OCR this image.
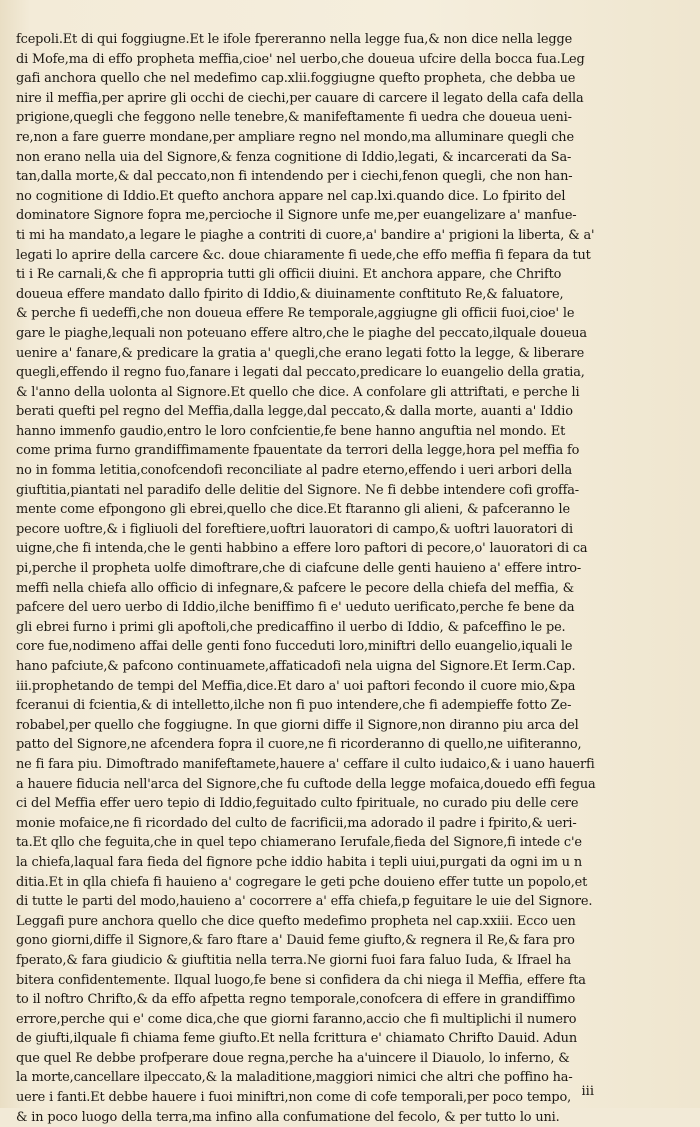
fcepoli.Et di qui foggiugne.Et le ifole fpereranno nella legge fua,& non dice nella legge
di Mofe,ma di effo propheta meffia,cioe' nel uerbo,che doueua ufcire della bocca fua.Leg
gafi anchora quello che nel medefimo cap.xlii.foggiugne quefto propheta, che debba ue
nire il meffia,per aprire gli occhi de ciechi,per cauare di carcere il legato della cafa della
prigione,quegli che feggono nelle tenebre,& manifeftamente fi uedra che doueua ueni-
re,non a fare guerre mondane,per ampliare regno nel mondo,ma alluminare quegli che
non erano nella uia del Signore,& fenza cognitione di Iddio,legati, & incarcerati da Sa-
tan,dalla morte,& dal peccato,non fi intendendo per i ciechi,fenon quegli, che non han-
no cognitione di Iddio.Et quefto anchora appare nel cap.lxi.quando dice. Lo fpirito del
dominatore Signore fopra me,percioche il Signore unfe me,per euangelizare a' manfue-
ti mi ha mandato,a legare le piaghe a contriti di cuore,a' bandire a' prigioni la liberta, & a'
legati lo aprire della carcere &c. doue chiaramente fi uede,che effo meffia fi fepara da tut
ti i Re carnali,& che fi appropria tutti gli officii diuini. Et anchora appare, che Chrifto
doueua effere mandato dallo fpirito di Iddio,& diuinamente conftituto Re,& faluatore,
& perche fi uedeffi,che non doueua effere Re temporale,aggiugne gli officii fuoi,cioe' le
gare le piaghe,lequali non poteuano effere altro,che le piaghe del peccato,ilquale doueua
uenire a' fanare,& predicare la gratia a' quegli,che erano legati fotto la legge, & liberare
quegli,effendo il regno fuo,fanare i legati dal peccato,predicare lo euangelio della gratia,
& l'anno della uolonta al Signore.Et quello che dice. A confolare gli attriftati, e perche li
berati quefti pel regno del Meffia,dalla legge,dal peccato,& dalla morte, auanti a' Iddio
hanno immenfo gaudio,entro le loro confcientie,fe bene hanno anguftia nel mondo. Et
come prima furno grandiffimamente fpauentate da terrori della legge,hora pel meffia fo
no in fomma letitia,conofcendofi reconciliate al padre eterno,effendo i ueri arbori della
giuftitia,piantati nel paradifo delle delitie del Signore. Ne fi debbe intendere cofi groffa-
mente come efpongono gli ebrei,quello che dice.Et ftaranno gli alieni, & pafceranno le
pecore uoftre,& i figliuoli del foreftiere,uoftri lauoratori di campo,& uoftri lauoratori di
uigne,che fi intenda,che le genti habbino a effere loro paftori di pecore,o' lauoratori di ca
pi,perche il propheta uolfe dimoftrare,che di ciafcune delle genti hauieno a' effere intro-
meffi nella chiefa allo officio di infegnare,& pafcere le pecore della chiefa del meffia, &
pafcere del uero uerbo di Iddio,ilche beniffimo fi e' ueduto uerificato,perche fe bene da
gli ebrei furno i primi gli apoftoli,che predicaffino il uerbo di Iddio, & pafceffino le pe.
core fue,nodimeno affai delle genti fono fucceduti loro,miniftri dello euangelio,iquali le
hano pafciute,& pafcono continuamete,affaticadofi nela uigna del Signore.Et Ierm.Cap.
iii.prophetando de tempi del Meffia,dice.Et daro a' uoi paftori fecondo il cuore mio,&pa
fceranui di fcientia,& di intelletto,ilche non fi puo intendere,che fi adempieffe fotto Ze-
robabel,per quello che foggiugne. In que giorni diffe il Signore,non diranno piu arca del
patto del Signore,ne afcendera fopra il cuore,ne fi ricorderanno di quello,ne uifiteranno,
ne fi fara piu. Dimoftrado manifeftamete,hauere a' ceffare il culto iudaico,& i uano hauerfi
a hauere fiducia nell'arca del Signore,che fu cuftode della legge mofaica,douedo effi fegua
ci del Meffia effer uero tepio di Iddio,feguitado culto fpirituale, no curado piu delle cere
monie mofaice,ne fi ricordado del culto de facrificii,ma adorado il padre i fpirito,& ueri-
ta.Et qllo che feguita,che in quel tepo chiamerano Ierufale,fieda del Signore,fi intede c'e
la chiefa,laqual fara fieda del fignore pche iddio habita i tepli uiui,purgati da ogni im u n
ditia.Et in qlla chiefa fi hauieno a' cogregare le geti pche douieno effer tutte un popolo,et
di tutte le parti del modo,hauieno a' cocorrere a' effa chiefa,p feguitare le uie del Signore.
Leggafi pure anchora quello che dice quefto medefimo propheta nel cap.xxiii. Ecco uen
gono giorni,diffe il Signore,& faro ftare a' Dauid feme giufto,& regnera il Re,& fara pro
fperato,& fara giudicio & giuftitia nella terra.Ne giorni fuoi fara faluo Iuda, & Ifrael ha
bitera confidentemente. Ilqual luogo,fe bene si confidera da chi niega il Meffia, effere fta
to il noftro Chrifto,& da effo afpetta regno temporale,conofcera di effere in grandiffimo
errore,perche qui e' come dica,che que giorni faranno,accio che fi multiplichi il numero
de giufti,ilquale fi chiama feme giufto.Et nella fcrittura e' chiamato Chrifto Dauid. Adun
que quel Re debbe profperare doue regna,perche ha a'uincere il Diauolo, lo inferno, &
la morte,cancellare ilpeccato,& la maladitione,maggiori nimici che altri che poffino ha-
uere i fanti.Et debbe hauere i fuoi miniftri,non come di cofe temporali,per poco tempo,
& in poco luogo della terra,ma infino alla confumatione del fecolo, & per tutto lo uni.
iii
